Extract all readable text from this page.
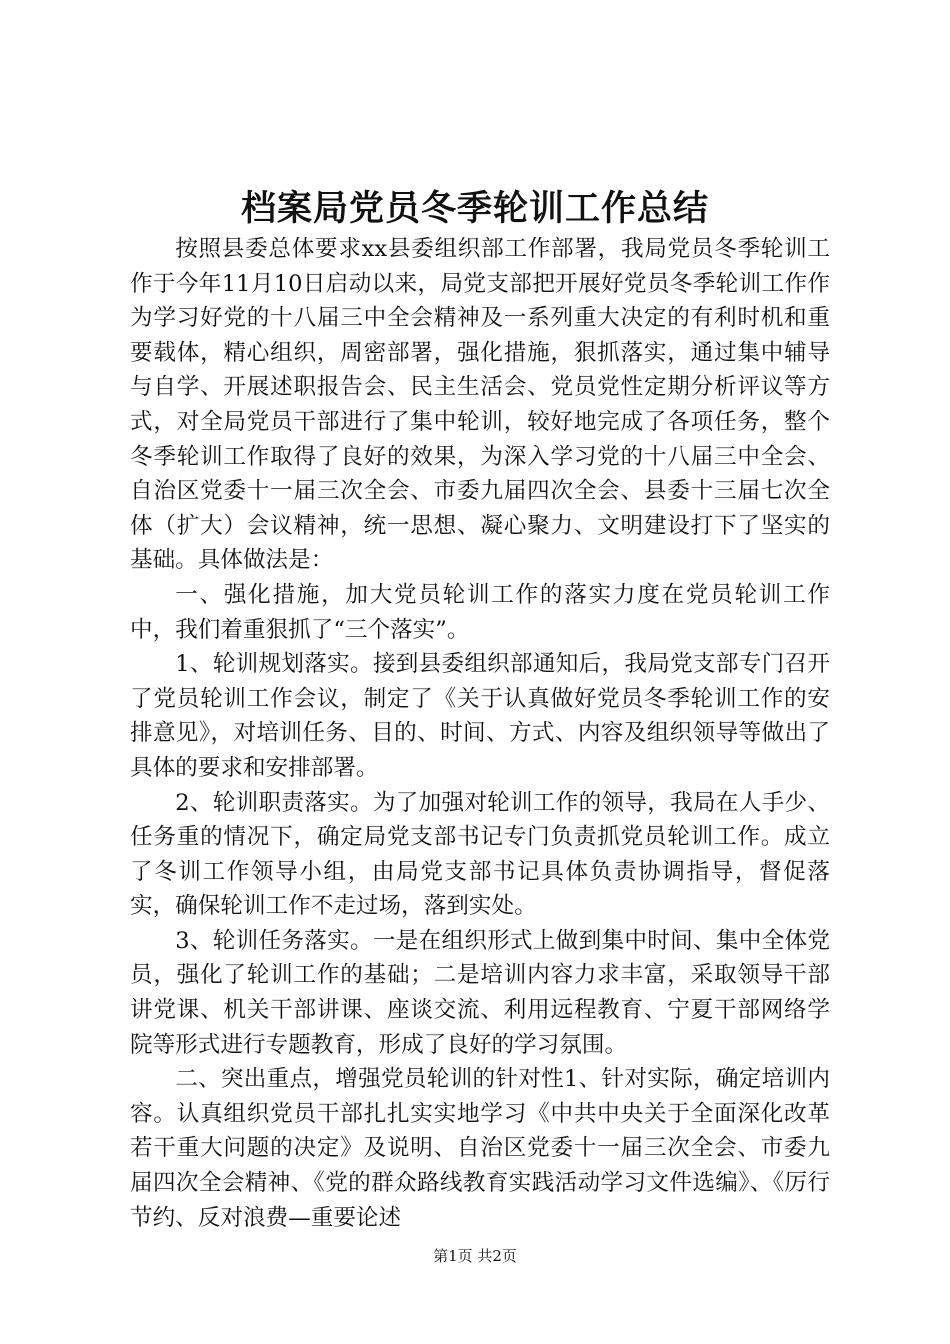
档案局党员冬季轮训工作总结

按照县委总体要求xx县委组织部工作部署，我局党员冬季轮训工作于今年11月10日启动以来，局党支部把开展好党员冬季轮训工作作为学习好党的十八届三中全会精神及一系列重大决定的有利时机和重要载体，精心组织，周密部署，强化措施，狠抓落实，通过集中辅导与自学、开展述职报告会、民主生活会、党员党性定期分析评议等方式，对全局党员干部进行了集中轮训，较好地完成了各项任务，整个冬季轮训工作取得了良好的效果，为深入学习党的十八届三中全会、自治区党委十一届三次全会、市委九届四次全会、县委十三届七次全体（扩大）会议精神，统一思想、凝心聚力、文明建设打下了坚实的基础。具体做法是：

一、强化措施，加大党员轮训工作的落实力度在党员轮训工作中，我们着重狠抓了“三个落实”。

1、轮训规划落实。接到县委组织部通知后，我局党支部专门召开了党员轮训工作会议，制定了《关于认真做好党员冬季轮训工作的安排意见》，对培训任务、目的、时间、方式、内容及组织领导等做出了具体的要求和安排部署。

2、轮训职责落实。为了加强对轮训工作的领导，我局在人手少、任务重的情况下，确定局党支部书记专门负责抓党员轮训工作。成立了冬训工作领导小组，由局党支部书记具体负责协调指导，督促落实，确保轮训工作不走过场，落到实处。

3、轮训任务落实。一是在组织形式上做到集中时间、集中全体党员，强化了轮训工作的基础；二是培训内容力求丰富，采取领导干部讲党课、机关干部讲课、座谈交流、利用远程教育、宁夏干部网络学院等形式进行专题教育，形成了良好的学习氛围。

二、突出重点，增强党员轮训的针对性1、针对实际，确定培训内容。认真组织党员干部扎扎实实地学习《中共中央关于全面深化改革若干重大问题的决定》及说明、自治区党委十一届三次全会、市委九届四次全会精神、《党的群众路线教育实践活动学习文件选编》、《厉行节约、反对浪费—重要论述

第1页 共2页
